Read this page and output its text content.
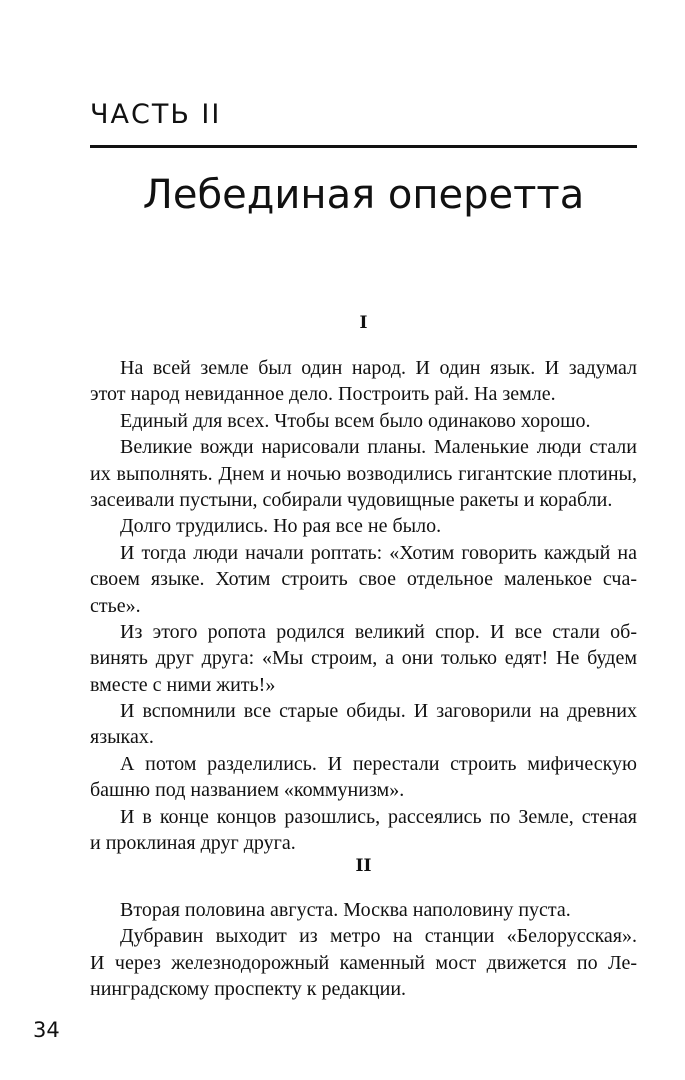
ЧАСТЬ II
Лебединая оперетта
I
На всей земле был один народ. И один язык. И задумал
этот народ невиданное дело. Построить рай. На земле.
Единый для всех. Чтобы всем было одинаково хорошо.
Великие вожди нарисовали планы. Маленькие люди стали
их выполнять. Днем и ночью возводились гигантские плотины,
засеивали пустыни, собирали чудовищные ракеты и корабли.
Долго трудились. Но рая все не было.
И тогда люди начали роптать: «Хотим говорить каждый на
своем языке. Хотим строить свое отдельное маленькое сча-
стье».
Из этого ропота родился великий спор. И все стали об-
винять друг друга: «Мы строим, а они только едят! Не будем
вместе с ними жить!»
И вспомнили все старые обиды. И заговорили на древних
языках.
А потом разделились. И перестали строить мифическую
башню под названием «коммунизм».
И в конце концов разошлись, рассеялись по Земле, стеная
и проклиная друг друга.
II
Вторая половина августа. Москва наполовину пуста.
Дубравин выходит из метро на станции «Белорусская».
И через железнодорожный каменный мост движется по Ле-
нинградскому проспекту к редакции.
34
